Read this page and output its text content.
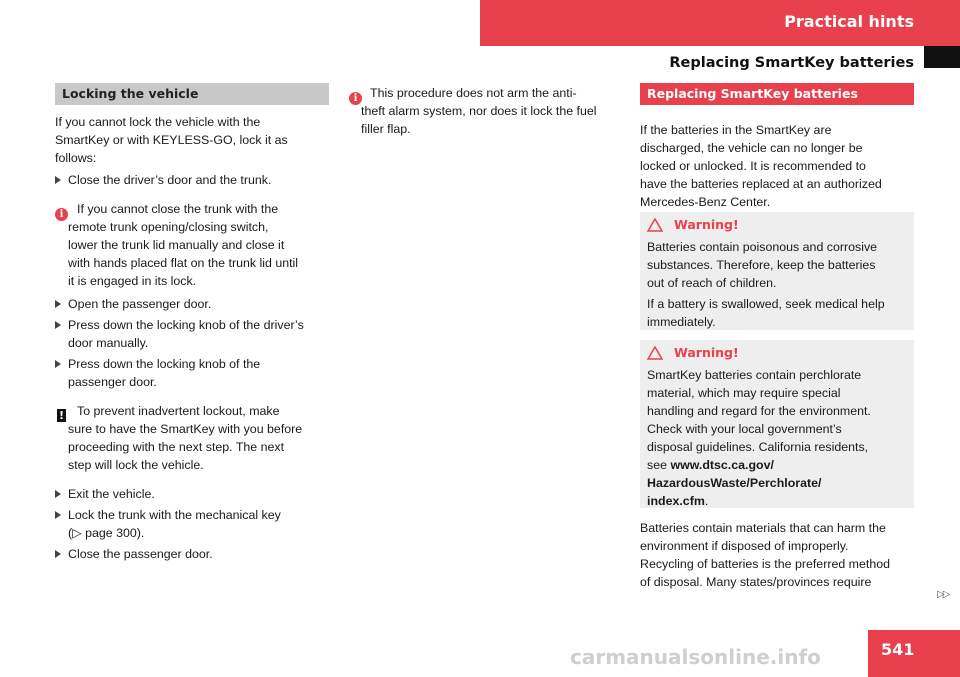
Practical hints
Replacing SmartKey batteries
Locking the vehicle
If you cannot lock the vehicle with the
SmartKey or with KEYLESS-GO, lock it as
follows:
Close the driver’s door and the trunk.
i	If you cannot close the trunk with the
remote trunk opening/closing switch,
lower the trunk lid manually and close it
with hands placed flat on the trunk lid until
it is engaged in its lock.
Open the passenger door.
Press down the locking knob of the driver’s
door manually.
Press down the locking knob of the
passenger door.
! To prevent inadvertent lockout, make
sure to have the SmartKey with you before
proceeding with the next step. The next
step will lock the vehicle.
Exit the vehicle.
Lock the trunk with the mechanical key
(▷ page 300).
Close the passenger door.
i	This procedure does not arm the anti-
theft alarm system, nor does it lock the fuel
filler flap.
Replacing SmartKey batteries
If the batteries in the SmartKey are
discharged, the vehicle can no longer be
locked or unlocked. It is recommended to
have the batteries replaced at an authorized
Mercedes-Benz Center.
Warning!
Batteries contain poisonous and corrosive
substances. Therefore, keep the batteries
out of reach of children.
If a battery is swallowed, seek medical help
immediately.
Warning!
SmartKey batteries contain perchlorate
material, which may require special
handling and regard for the environment.
Check with your local government’s
disposal guidelines. California residents,
see www.dtsc.ca.gov/
HazardousWaste/Perchlorate/
index.cfm.
Batteries contain materials that can harm the
environment if disposed of improperly.
Recycling of batteries is the preferred method
of disposal. Many states/provinces require
▷▷
541
carmanualsonline.info
